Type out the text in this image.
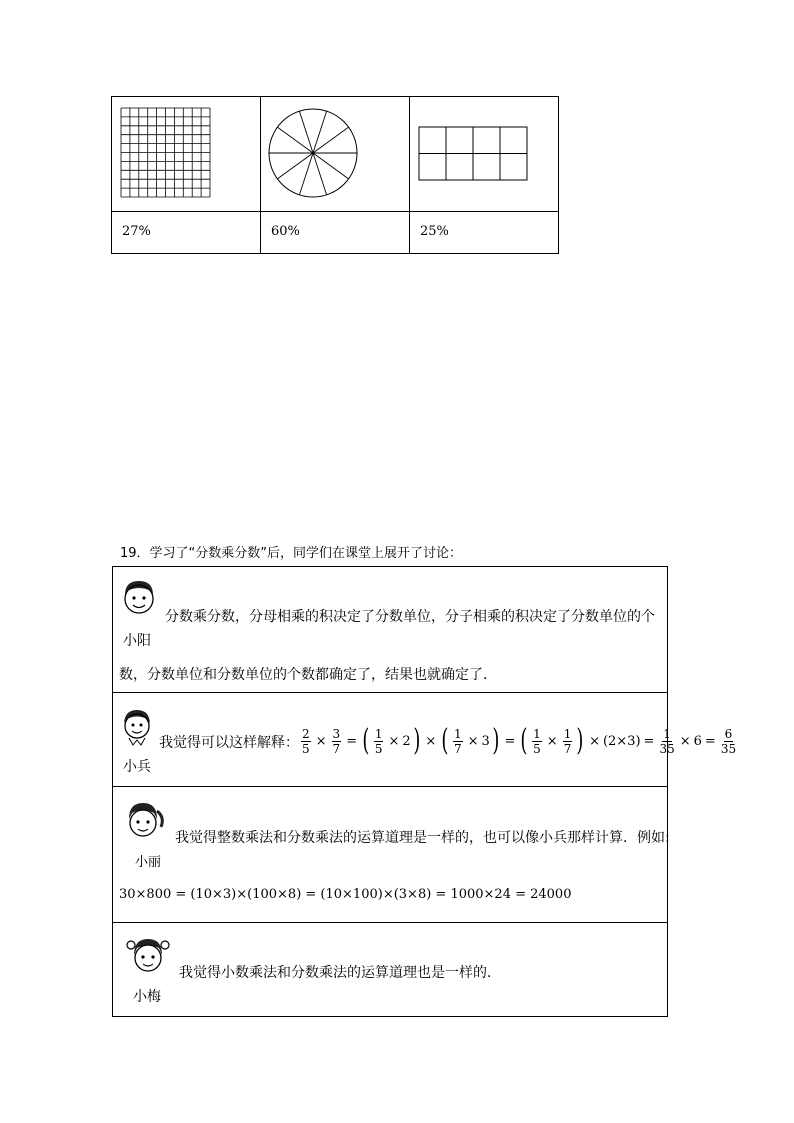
27%	60%	25%
19．学习了“分数乘分数”后，同学们在课堂上展开了讨论：
分数乘分数，分母相乘的积决定了分数单位，分子相乘的积决定了分数单位的个
小阳
数，分数单位和分数单位的个数都确定了，结果也就确定了．
我觉得可以这样解释： $\frac{2}{5} \times \frac{3}{7}$ = ( $\frac{1}{5} \times 2$ ) × ( $\frac{1}{7} \times 3$ ) = ( $\frac{1}{5} \times \frac{1}{7}$ ) × $(2\times 3) = \frac{1}{35} \times 6 = \frac{6}{35}$
小兵
我觉得整数乘法和分数乘法的运算道理是一样的，也可以像小兵那样计算．例如:
小丽
30×800 = (10×3)×(100×8) = (10×100)×(3×8) = 1000×24 = 24000
我觉得小数乘法和分数乘法的运算道理也是一样的．
小梅
